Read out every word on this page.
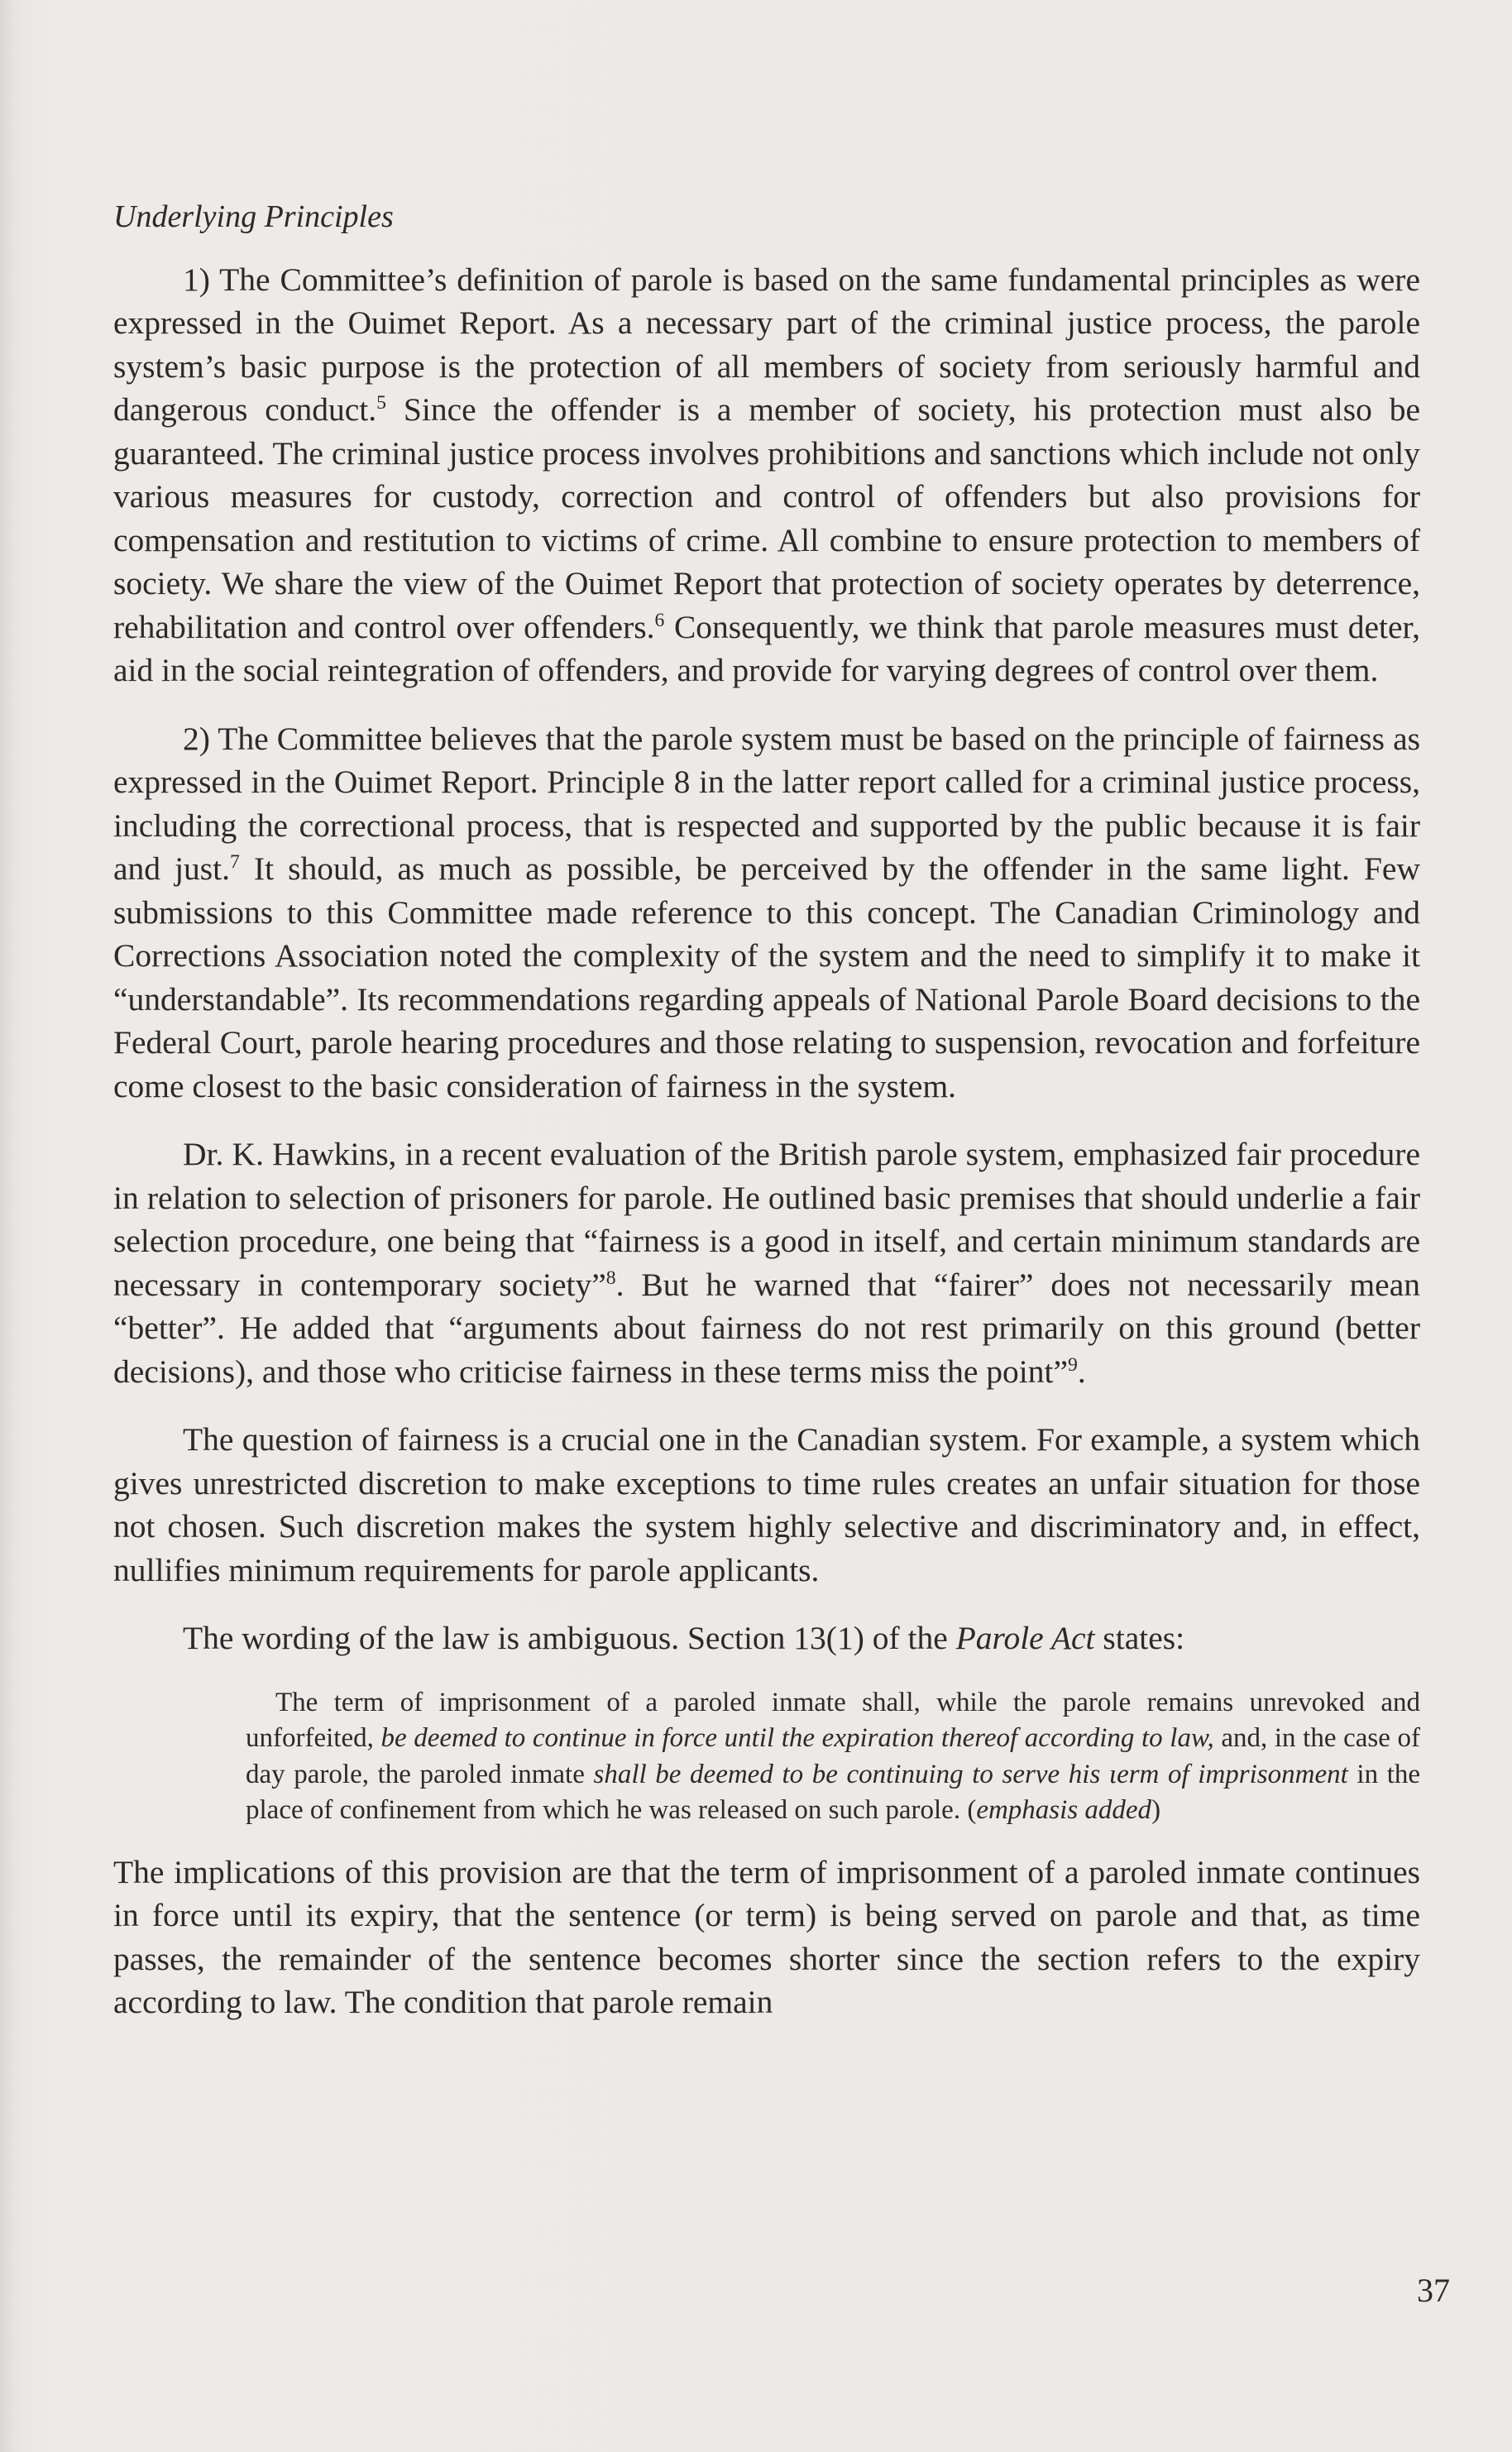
Underlying Principles

1) The Committee’s definition of parole is based on the same fundamental principles as were expressed in the Ouimet Report. As a necessary part of the criminal justice process, the parole system’s basic purpose is the protection of all members of society from seriously harmful and dangerous conduct.$^5$ Since the offender is a member of society, his protection must also be guaranteed. The criminal justice process involves prohibitions and sanctions which include not only various measures for custody, correction and control of offenders but also provisions for compensation and restitution to victims of crime. All combine to ensure protection to members of society. We share the view of the Ouimet Report that protection of society operates by deterrence, rehabilitation and control over offenders.$^6$ Consequently, we think that parole measures must deter, aid in the social reintegration of offenders, and provide for varying degrees of control over them.

2) The Committee believes that the parole system must be based on the principle of fairness as expressed in the Ouimet Report. Principle 8 in the latter report called for a criminal justice process, including the correctional process, that is respected and supported by the public because it is fair and just.$^7$ It should, as much as possible, be perceived by the offender in the same light. Few submissions to this Committee made reference to this concept. The Canadian Criminology and Corrections Association noted the complexity of the system and the need to simplify it to make it “understandable”. Its recommendations regarding appeals of National Parole Board decisions to the Federal Court, parole hearing procedures and those relating to suspension, revocation and forfeiture come closest to the basic consideration of fairness in the system.

Dr. K. Hawkins, in a recent evaluation of the British parole system, emphasized fair procedure in relation to selection of prisoners for parole. He outlined basic premises that should underlie a fair selection procedure, one being that “fairness is a good in itself, and certain minimum standards are necessary in contemporary society”$^8$. But he warned that “fairer” does not necessarily mean “better”. He added that “arguments about fairness do not rest primarily on this ground (better decisions), and those who criticise fairness in these terms miss the point”$^9$.

The question of fairness is a crucial one in the Canadian system. For example, a system which gives unrestricted discretion to make exceptions to time rules creates an unfair situation for those not chosen. Such discretion makes the system highly selective and discriminatory and, in effect, nullifies minimum requirements for parole applicants.

The wording of the law is ambiguous. Section 13(1) of the Parole Act states:

The term of imprisonment of a paroled inmate shall, while the parole remains unrevoked and unforfeited, be deemed to continue in force until the expiration thereof according to law, and, in the case of day parole, the paroled inmate shall be deemed to be continuing to serve his ιerm of imprisonment in the place of confinement from which he was released on such parole. (emphasis added)

The implications of this provision are that the term of imprisonment of a paroled inmate continues in force until its expiry, that the sentence (or term) is being served on parole and that, as time passes, the remainder of the sentence becomes shorter since the section refers to the expiry according to law. The condition that parole remain

37
